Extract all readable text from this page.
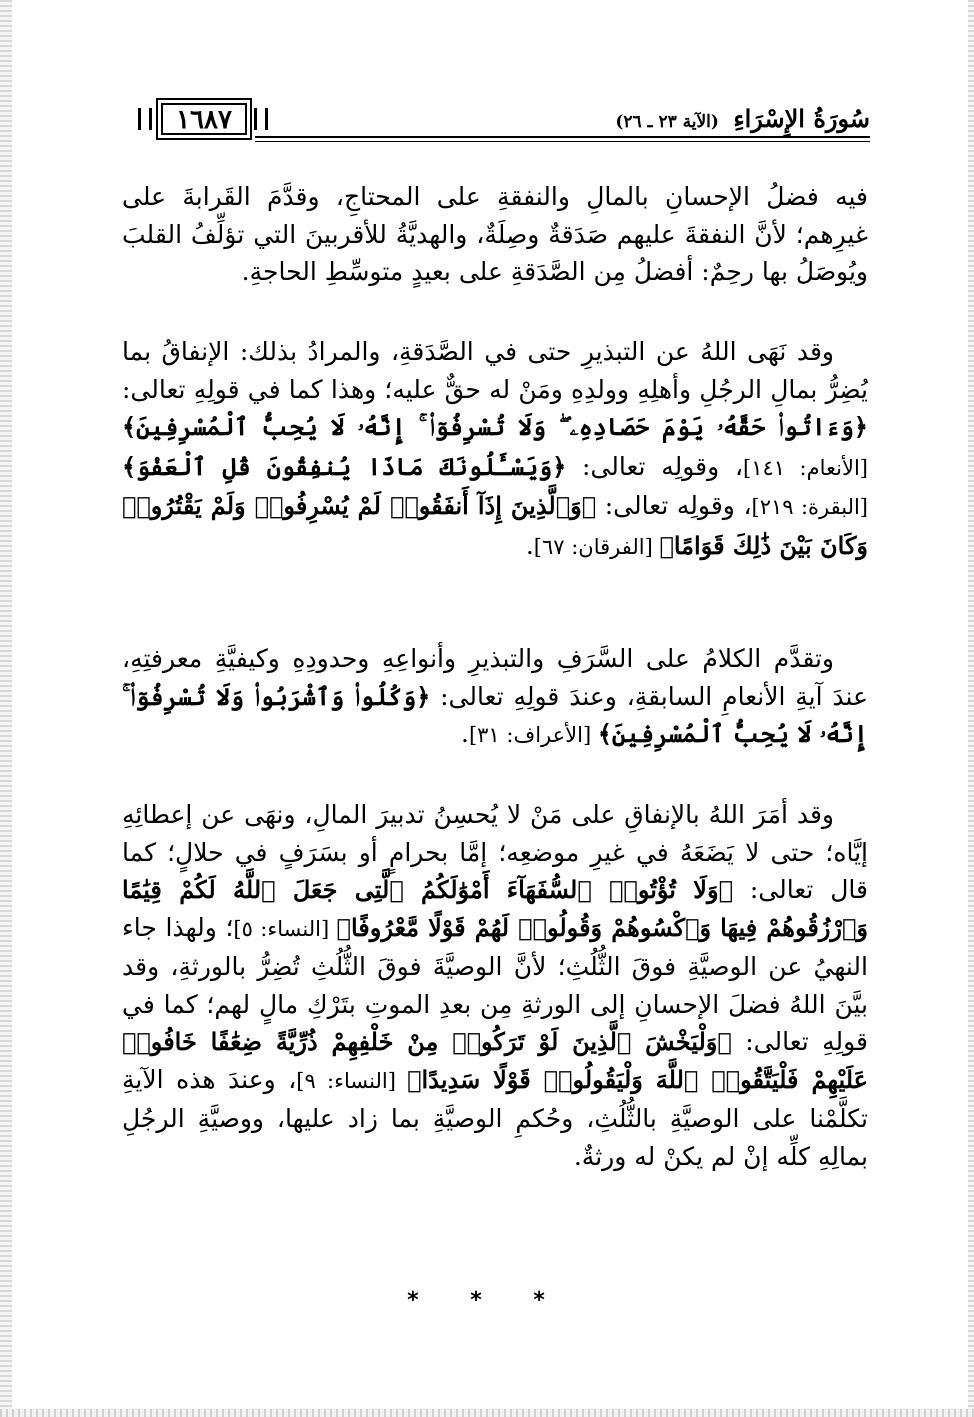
سُورَةُ الإِسْرَاءِ (الآية ٢٣ ـ ٢٦)
١٦٨٧
فيه فضلُ الإحسانِ بالمالِ والنفقةِ على المحتاجِ، وقدَّمَ القَرابةَ على غيرِهم؛ لأنَّ النفقةَ عليهم صَدَقةٌ وصِلَةٌ، والهديَّةُ للأقربينَ التي تؤلِّفُ القلبَ ويُوصَلُ بها رحِمٌ: أفضلُ مِن الصَّدَقةِ على بعيدٍ متوسِّطِ الحاجةِ.
وقد نَهَى اللهُ عن التبذيرِ حتى في الصَّدَقةِ، والمرادُ بذلك: الإنفاقُ بما يُضِرُّ بمالِ الرجُلِ وأهلِهِ وولدِهِ ومَنْ له حقٌّ عليه؛ وهذا كما في قولِهِ تعالى: ﴿وَءَاتُوا۟ حَقَّهُۥ يَوْمَ حَصَادِهِۦ ۖ وَلَا تُسْرِفُوٓا۟ ۚ إِنَّهُۥ لَا يُحِبُّ ٱلْمُسْرِفِينَ﴾ [الأنعام: ١٤١]، وقولِه تعالى: ﴿وَيَسْـَٔلُونَكَ مَاذَا يُنفِقُونَ قُلِ ٱلْعَفْوَ﴾ [البقرة: ٢١٩]، وقولِه تعالى: ﴿وَٱلَّذِينَ إِذَآ أَنفَقُوا۟ لَمْ يُسْرِفُوا۟ وَلَمْ يَقْتُرُوا۟ وَكَانَ بَيْنَ ذَٰلِكَ قَوَامًا﴾ [الفرقان: ٦٧].
وتقدَّم الكلامُ على السَّرَفِ والتبذيرِ وأنواعِهِ وحدودِهِ وكيفيَّةِ معرفتِهِ، عندَ آيةِ الأنعامِ السابقةِ، وعندَ قولِهِ تعالى: ﴿وَكُلُوا۟ وَٱشْرَبُوا۟ وَلَا تُسْرِفُوٓا۟ ۚ إِنَّهُۥ لَا يُحِبُّ ٱلْمُسْرِفِينَ﴾ [الأعراف: ٣١].
وقد أمَرَ اللهُ بالإنفاقِ على مَنْ لا يُحسِنُ تدبيرَ المالِ، ونهَى عن إعطائِهِ إيَّاه؛ حتى لا يَضَعَهُ في غيرِ موضعِه؛ إمَّا بحرامٍ أو بسَرَفٍ في حلالٍ؛ كما قال تعالى: ﴿وَلَا تُؤْتُوا۟ ٱلسُّفَهَآءَ أَمْوَٰلَكُمُ ٱلَّتِى جَعَلَ ٱللَّهُ لَكُمْ قِيَٰمًا وَٱرْزُقُوهُمْ فِيهَا وَٱكْسُوهُمْ وَقُولُوا۟ لَهُمْ قَوْلًا مَّعْرُوفًا﴾ [النساء: ٥]؛ ولهذا جاء النهيُ عن الوصيَّةِ فوقَ الثُّلُثِ؛ لأنَّ الوصيَّةَ فوقَ الثُّلُثِ تُضِرُّ بالورثةِ، وقد بيَّنَ اللهُ فضلَ الإحسانِ إلى الورثةِ مِن بعدِ الموتِ بتَرْكِ مالٍ لهم؛ كما في قولِهِ تعالى: ﴿وَلْيَخْشَ ٱلَّذِينَ لَوْ تَرَكُوا۟ مِنْ خَلْفِهِمْ ذُرِّيَّةً ضِعَٰفًا خَافُوا۟ عَلَيْهِمْ فَلْيَتَّقُوا۟ ٱللَّهَ وَلْيَقُولُوا۟ قَوْلًا سَدِيدًا﴾ [النساء: ٩]، وعندَ هذه الآيةِ تكلَّمْنا على الوصيَّةِ بالثُّلُثِ، وحُكمِ الوصيَّةِ بما زاد عليها، ووصيَّةِ الرجُلِ بمالِهِ كلِّه إنْ لم يكنْ له ورثةٌ.
* * *
